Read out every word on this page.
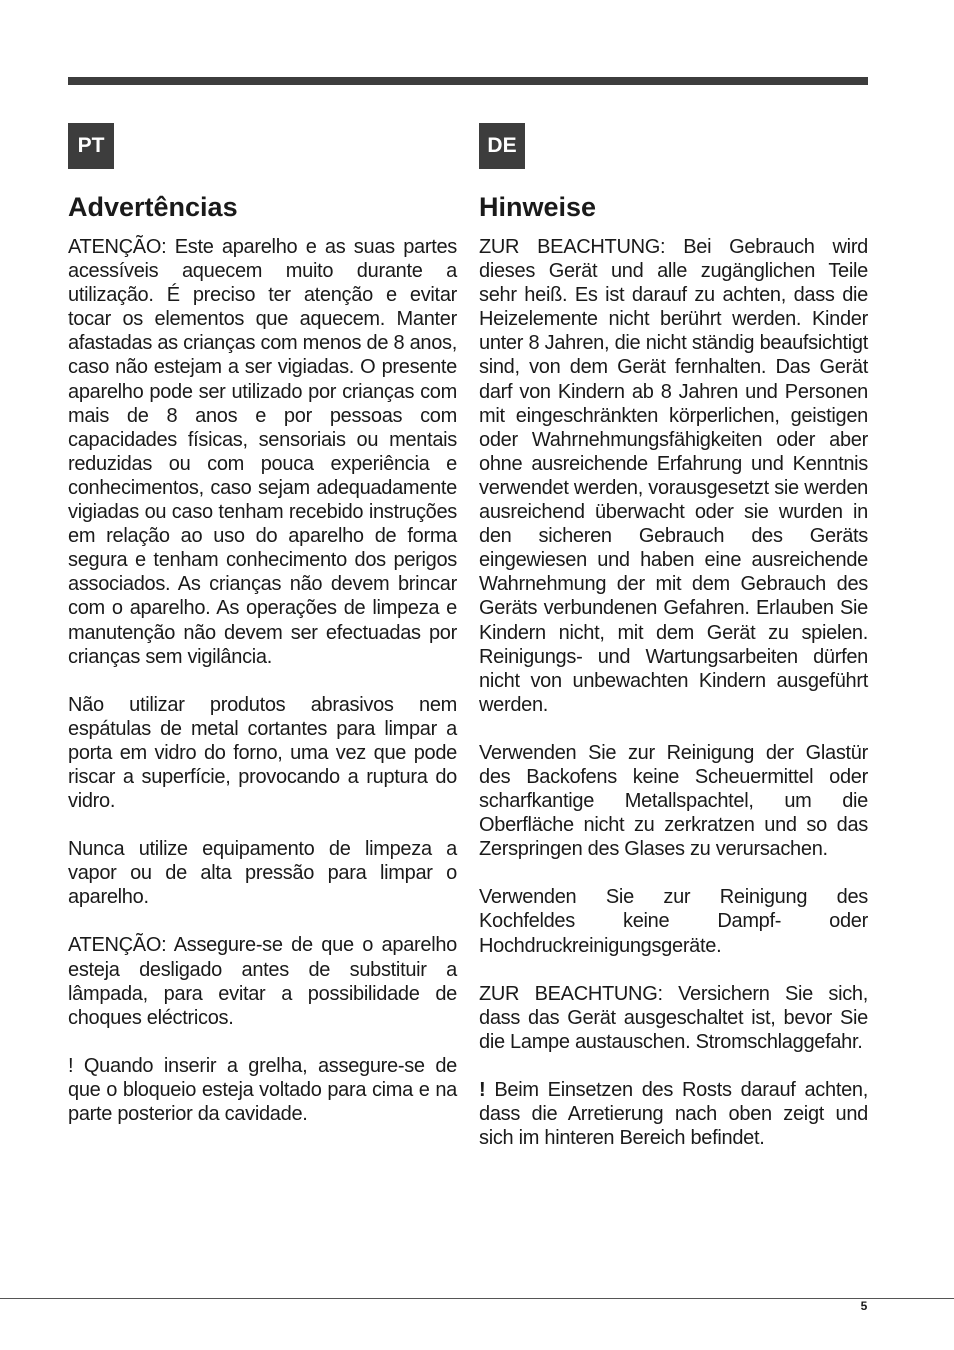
PT
Advertências

ATENÇÃO: Este aparelho e as suas partes acessíveis aquecem muito durante a utilização. É preciso ter atenção e evitar tocar os elementos que aquecem. Manter afastadas as crianças com menos de 8 anos, caso não estejam a ser vigiadas. O presente aparelho pode ser utilizado por crianças com mais de 8 anos e por pessoas com capacidades físicas, sensoriais ou mentais reduzidas ou com pouca experiência e conhecimentos, caso sejam adequadamente vigiadas ou caso tenham recebido instruções em relação ao uso do aparelho de forma segura e tenham conhecimento dos perigos associados. As crianças não devem brincar com o aparelho. As operações de limpeza e manutenção não devem ser efectuadas por crianças sem vigilância.

Não utilizar produtos abrasivos nem espátulas de metal cortantes para limpar a porta em vidro do forno, uma vez que pode riscar a superfície, provocando a ruptura do vidro.

Nunca utilize equipamento de limpeza a vapor ou de alta pressão para limpar o aparelho.

ATENÇÃO: Assegure-se de que o aparelho esteja desligado antes de substituir a lâmpada, para evitar a possibilidade de choques eléctricos.

! Quando inserir a grelha, assegure-se de que o bloqueio esteja voltado para cima e na parte posterior da cavidade.

DE
Hinweise

ZUR BEACHTUNG: Bei Gebrauch wird dieses Gerät und alle zugänglichen Teile sehr heiß. Es ist darauf zu achten, dass die Heizelemente nicht berührt werden. Kinder unter 8 Jahren, die nicht ständig beaufsichtigt sind, von dem Gerät fernhalten. Das Gerät darf von Kindern ab 8 Jahren und Personen mit eingeschränkten körperlichen, geistigen oder Wahrnehmungsfähigkeiten oder aber ohne ausreichende Erfahrung und Kenntnis verwendet werden, vorausgesetzt sie werden ausreichend überwacht oder sie wurden in den sicheren Gebrauch des Geräts eingewiesen und haben eine ausreichende Wahrnehmung der mit dem Gebrauch des Geräts verbundenen Gefahren. Erlauben Sie Kindern nicht, mit dem Gerät zu spielen. Reinigungs- und Wartungsarbeiten dürfen nicht von unbewachten Kindern ausgeführt werden.

Verwenden Sie zur Reinigung der Glastür des Backofens keine Scheuermittel oder scharfkantige Metallspachtel, um die Oberfläche nicht zu zerkratzen und so das Zerspringen des Glases zu verursachen.

Verwenden Sie zur Reinigung des Kochfeldes keine Dampf- oder Hochdruckreinigungsgeräte.

ZUR BEACHTUNG: Versichern Sie sich, dass das Gerät ausgeschaltet ist, bevor Sie die Lampe austauschen. Stromschlaggefahr.

! Beim Einsetzen des Rosts darauf achten, dass die Arretierung nach oben zeigt und sich im hinteren Bereich befindet.

5
